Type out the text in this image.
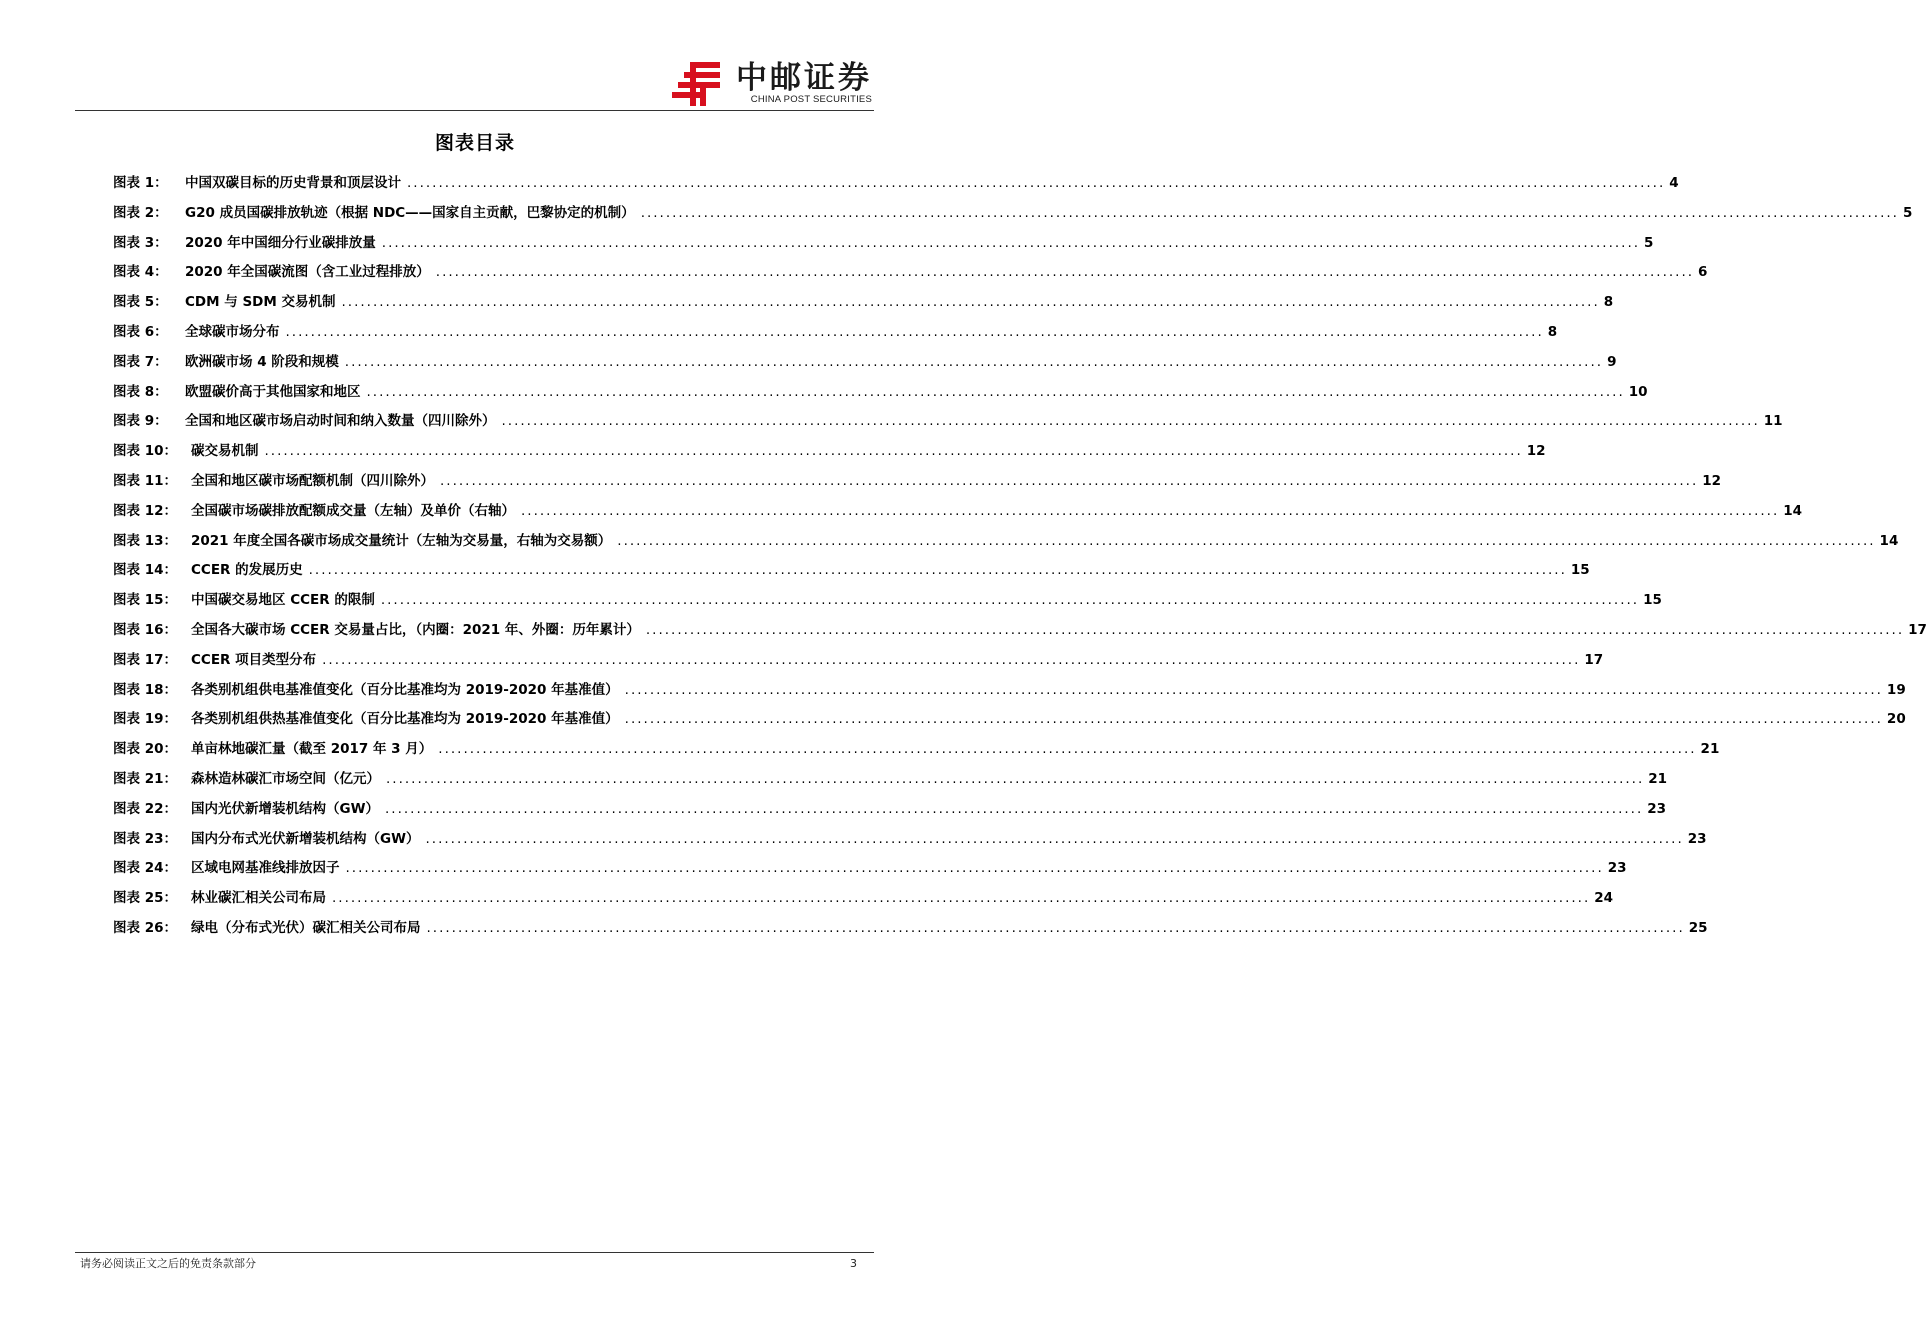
中邮证券
CHINA POST SECURITIES
图表目录
图表 1：	中国双碳目标的历史背景和顶层设计 ........................................................................................................................................................................................................ 4
图表 2：	G20 成员国碳排放轨迹（根据 NDC——国家自主贡献，巴黎协定的机制） ........................................................................................................................................................................................................ 5
图表 3：	2020 年中国细分行业碳排放量 ........................................................................................................................................................................................................ 5
图表 4：	2020 年全国碳流图（含工业过程排放） ........................................................................................................................................................................................................ 6
图表 5：	CDM 与 SDM 交易机制 ........................................................................................................................................................................................................ 8
图表 6：	全球碳市场分布 ........................................................................................................................................................................................................ 8
图表 7：	欧洲碳市场 4 阶段和规模 ........................................................................................................................................................................................................ 9
图表 8：	欧盟碳价高于其他国家和地区 ........................................................................................................................................................................................................ 10
图表 9：	全国和地区碳市场启动时间和纳入数量（四川除外） ........................................................................................................................................................................................................ 11
图表 10：	碳交易机制 ........................................................................................................................................................................................................ 12
图表 11：	全国和地区碳市场配额机制（四川除外） ........................................................................................................................................................................................................ 12
图表 12：	全国碳市场碳排放配额成交量（左轴）及单价（右轴） ........................................................................................................................................................................................................ 14
图表 13：	2021 年度全国各碳市场成交量统计（左轴为交易量，右轴为交易额） ........................................................................................................................................................................................................ 14
图表 14：	CCER 的发展历史 ........................................................................................................................................................................................................ 15
图表 15：	中国碳交易地区 CCER 的限制 ........................................................................................................................................................................................................ 15
图表 16：	全国各大碳市场 CCER 交易量占比，（内圈：2021 年、外圈：历年累计） ........................................................................................................................................................................................................ 17
图表 17：	CCER 项目类型分布 ........................................................................................................................................................................................................ 17
图表 18：	各类别机组供电基准值变化（百分比基准均为 2019-2020 年基准值） ........................................................................................................................................................................................................ 19
图表 19：	各类别机组供热基准值变化（百分比基准均为 2019-2020 年基准值） ........................................................................................................................................................................................................ 20
图表 20：	单亩林地碳汇量（截至 2017 年 3 月） ........................................................................................................................................................................................................ 21
图表 21：	森林造林碳汇市场空间（亿元） ........................................................................................................................................................................................................ 21
图表 22：	国内光伏新增装机结构（GW） ........................................................................................................................................................................................................ 23
图表 23：	国内分布式光伏新增装机结构（GW） ........................................................................................................................................................................................................ 23
图表 24：	区域电网基准线排放因子 ........................................................................................................................................................................................................ 23
图表 25：	林业碳汇相关公司布局 ........................................................................................................................................................................................................ 24
图表 26：	绿电（分布式光伏）碳汇相关公司布局 ........................................................................................................................................................................................................ 25
请务必阅读正文之后的免责条款部分	3
